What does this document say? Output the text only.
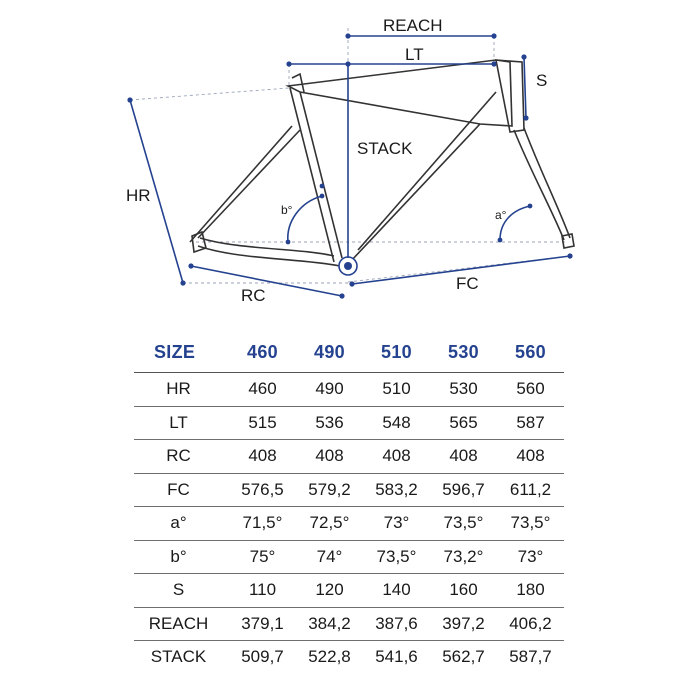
REACH
LT
S
STACK
HR
RC
FC
b°	a°
SIZE	460	490	510	530	560
HR	460	490	510	530	560
LT	515	536	548	565	587
RC	408	408	408	408	408
FC	576,5	579,2	583,2	596,7	611,2
a°	71,5°	72,5°	73°	73,5°	73,5°
b°	75°	74°	73,5°	73,2°	73°
S	110	120	140	160	180
REACH	379,1	384,2	387,6	397,2	406,2
STACK	509,7	522,8	541,6	562,7	587,7
